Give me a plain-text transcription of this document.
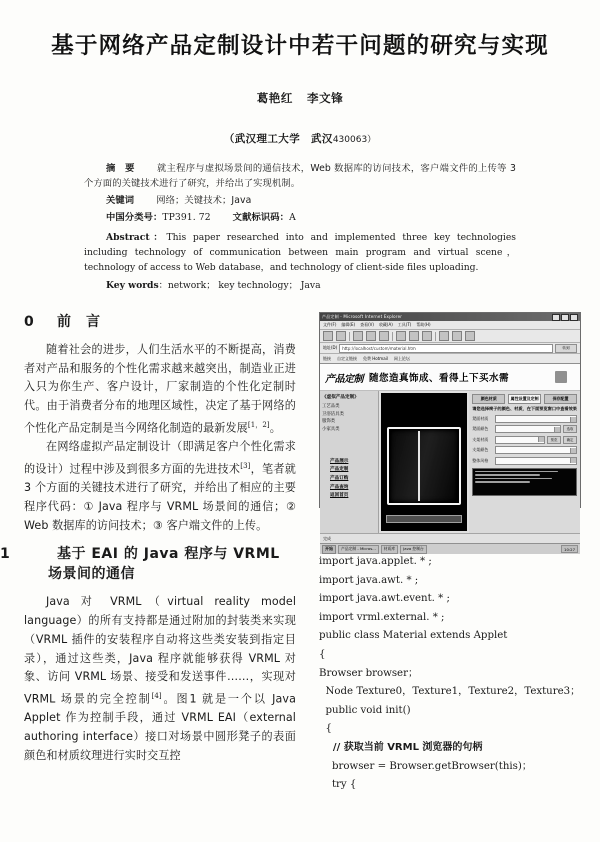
基于网络产品定制设计中若干问题的研究与实现
葛艳红 李文锋
（武汉理工大学　武汉430063）

摘　要 就主程序与虚拟场景间的通信技术，Web 数据库的访问技术，客户端文件的上传等 3 个方面的关键技术进行了研究，并给出了实现机制。

关键词 网络；关键技术；Java

中国分类号：TP391. 72 文献标识码：A

Abstract：This paper researched into and implemented three key technologies including technology of communication between main program and virtual scene，technology of access to Web database，and technology of client-side files uploading.

Key words：network； key technology； Java

0 前　言

随着社会的进步，人们生活水平的不断提高，消费者对产品和服务的个性化需求越来越突出，制造业正进入只为你生产、客户设计，厂家制造的个性化定制时代。由于消费者分布的地理区域性，决定了基于网络的个性化产品定制是当今网络化制造的最新发展[1，2]。

在网络虚拟产品定制设计（即满足客户个性化需求的设计）过程中涉及到很多方面的先进技术[3]，笔者就 3 个方面的关键技术进行了研究，并给出了相应的主要程序代码：① Java 程序与 VRML 场景间的通信；② Web 数据库的访问技术；③ 客户端文件的上传。

1	基于 EAI 的 Java 程序与 VRML 场景间的通信

Java 对 VRML（virtual reality model language）的所有支持都是通过附加的封装类来实现（VRML 插件的安装程序自动将这些类安装到指定目录），通过这些类，Java 程序就能够获得 VRML 对象、访问 VRML 场景、接受和发送事件……，实现对VRML 场景的完全控制[4]。图1 就是一个以 Java Applet 作为控制手段，通过 VRML EAI（external authoring interface）接口对场景中圆形凳子的表面颜色和材质纹理进行实时交互控

产品定制 - Microsoft Internet Explorer
文件(F) 编辑(E) 查看(V) 收藏(A) 工具(T) 帮助(H)
地址(D)	http://localhost/custom/material.htm	转到
链接 自定义链接 免费 Hotmail 网上论坛
产品定制 随您造真饰成、看得上下买水需
《虚拟产品定制》
工艺品类
卫浴洁具类
服饰类
小家具类
产品展示
产品定制
产品订购
产品查询
返回首页
颜色材质	属性设置及定制	保存配置
请您选择椅子的颜色、材质，在下面预览窗口中查看效果
凳面材质
凳面颜色	选取
支架材质	预览	确定
支架颜色
整体风格
完成
开始	产品定制 - Micros...	材质库	Java 控制台	10:27

import java.applet. * ;
import java.awt. * ;
import java.awt.event. * ;
import vrml.external. * ;
public class Material extends Applet
{
Browser browser；
Node Texture0，Texture1，Texture2，Texture3；
public void init()
{
// 获取当前 VRML 浏览器的句柄
browser = Browser.getBrowser(this)；
try {
